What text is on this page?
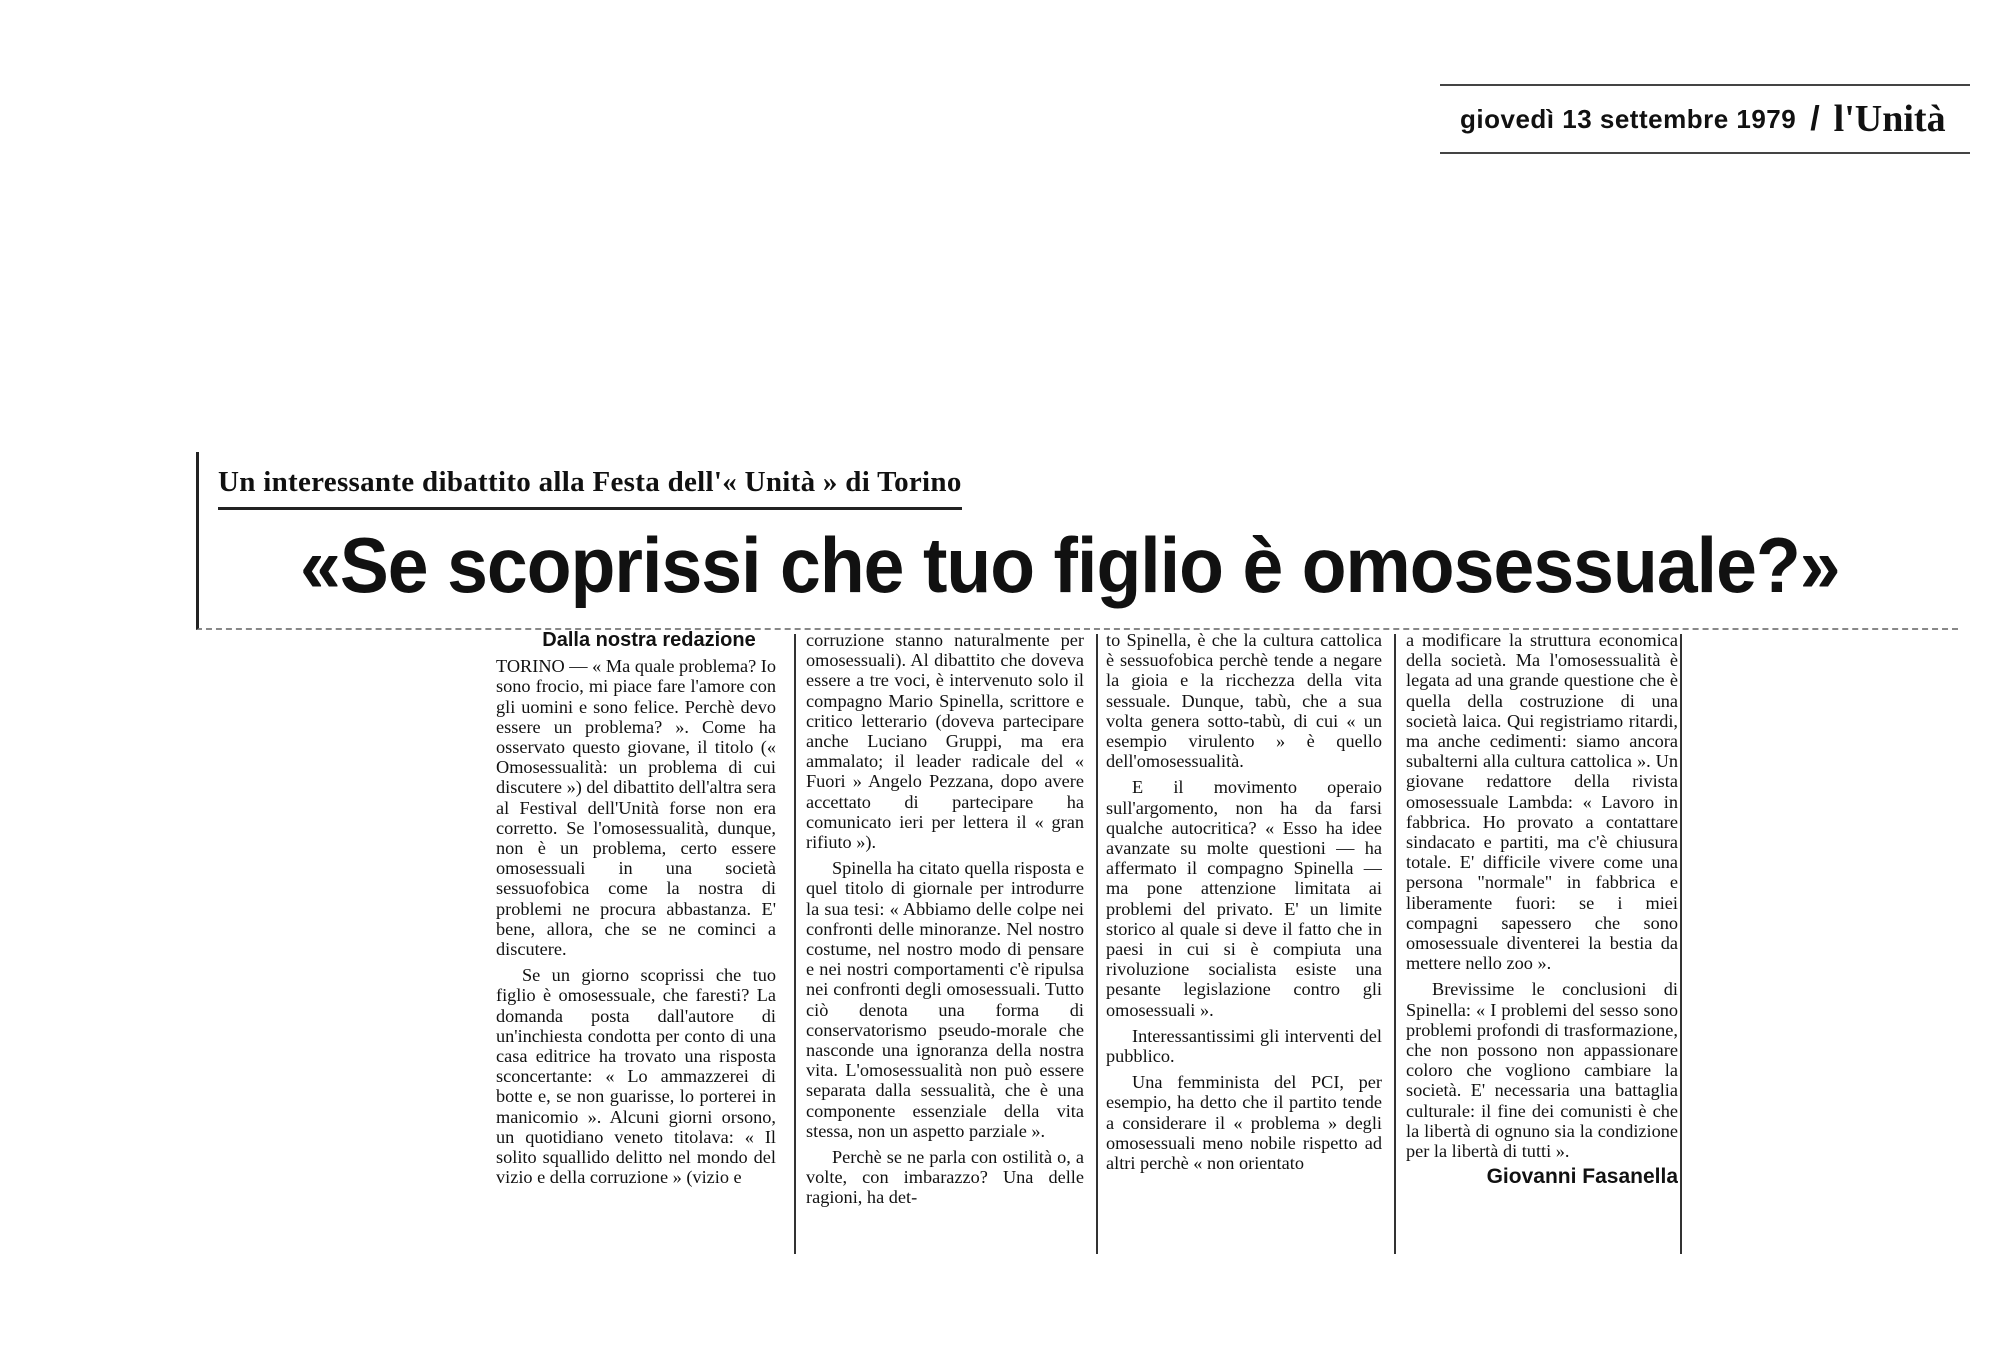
giovedì 13 settembre 1979 / l'Unità
Un interessante dibattito alla Festa dell'« Unità » di Torino
«Se scoprissi che tuo figlio è omosessuale?»

Dalla nostra redazione

TORINO — « Ma quale problema? Io sono frocio, mi piace fare l'amore con gli uomini e sono felice. Perchè devo essere un problema? ». Come ha osservato questo giovane, il titolo (« Omosessualità: un problema di cui discutere ») del dibattito dell'altra sera al Festival dell'Unità forse non era corretto. Se l'omosessualità, dunque, non è un problema, certo essere omosessuali in una società sessuofobica come la nostra di problemi ne procura abbastanza. E' bene, allora, che se ne cominci a discutere.

Se un giorno scoprissi che tuo figlio è omosessuale, che faresti? La domanda posta dall'autore di un'inchiesta condotta per conto di una casa editrice ha trovato una risposta sconcertante: « Lo ammazzerei di botte e, se non guarisse, lo porterei in manicomio ». Alcuni giorni orsono, un quotidiano veneto titolava: « Il solito squallido delitto nel mondo del vizio e della corruzione » (vizio e

corruzione stanno naturalmente per omosessuali). Al dibattito che doveva essere a tre voci, è intervenuto solo il compagno Mario Spinella, scrittore e critico letterario (doveva partecipare anche Luciano Gruppi, ma era ammalato; il leader radicale del « Fuori » Angelo Pezzana, dopo avere accettato di partecipare ha comunicato ieri per lettera il « gran rifiuto »).

Spinella ha citato quella risposta e quel titolo di giornale per introdurre la sua tesi: « Abbiamo delle colpe nei confronti delle minoranze. Nel nostro costume, nel nostro modo di pensare e nei nostri comportamenti c'è ripulsa nei confronti degli omosessuali. Tutto ciò denota una forma di conservatorismo pseudo-morale che nasconde una ignoranza della nostra vita. L'omosessualità non può essere separata dalla sessualità, che è una componente essenziale della vita stessa, non un aspetto parziale ».

Perchè se ne parla con ostilità o, a volte, con imbarazzo? Una delle ragioni, ha det-

to Spinella, è che la cultura cattolica è sessuofobica perchè tende a negare la gioia e la ricchezza della vita sessuale. Dunque, tabù, che a sua volta genera sotto-tabù, di cui « un esempio virulento » è quello dell'omosessualità.

E il movimento operaio sull'argomento, non ha da farsi qualche autocritica? « Esso ha idee avanzate su molte questioni — ha affermato il compagno Spinella — ma pone attenzione limitata ai problemi del privato. E' un limite storico al quale si deve il fatto che in paesi in cui si è compiuta una rivoluzione socialista esiste una pesante legislazione contro gli omosessuali ».

Interessantissimi gli interventi del pubblico.

Una femminista del PCI, per esempio, ha detto che il partito tende a considerare il « problema » degli omosessuali meno nobile rispetto ad altri perchè « non orientato

a modificare la struttura economica della società. Ma l'omosessualità è legata ad una grande questione che è quella della costruzione di una società laica. Qui registriamo ritardi, ma anche cedimenti: siamo ancora subalterni alla cultura cattolica ». Un giovane redattore della rivista omosessuale Lambda: « Lavoro in fabbrica. Ho provato a contattare sindacato e partiti, ma c'è chiusura totale. E' difficile vivere come una persona "normale" in fabbrica e liberamente fuori: se i miei compagni sapessero che sono omosessuale diventerei la bestia da mettere nello zoo ».

Brevissime le conclusioni di Spinella: « I problemi del sesso sono problemi profondi di trasformazione, che non possono non appassionare coloro che vogliono cambiare la società. E' necessaria una battaglia culturale: il fine dei comunisti è che la libertà di ognuno sia la condizione per la libertà di tutti ».

Giovanni Fasanella
